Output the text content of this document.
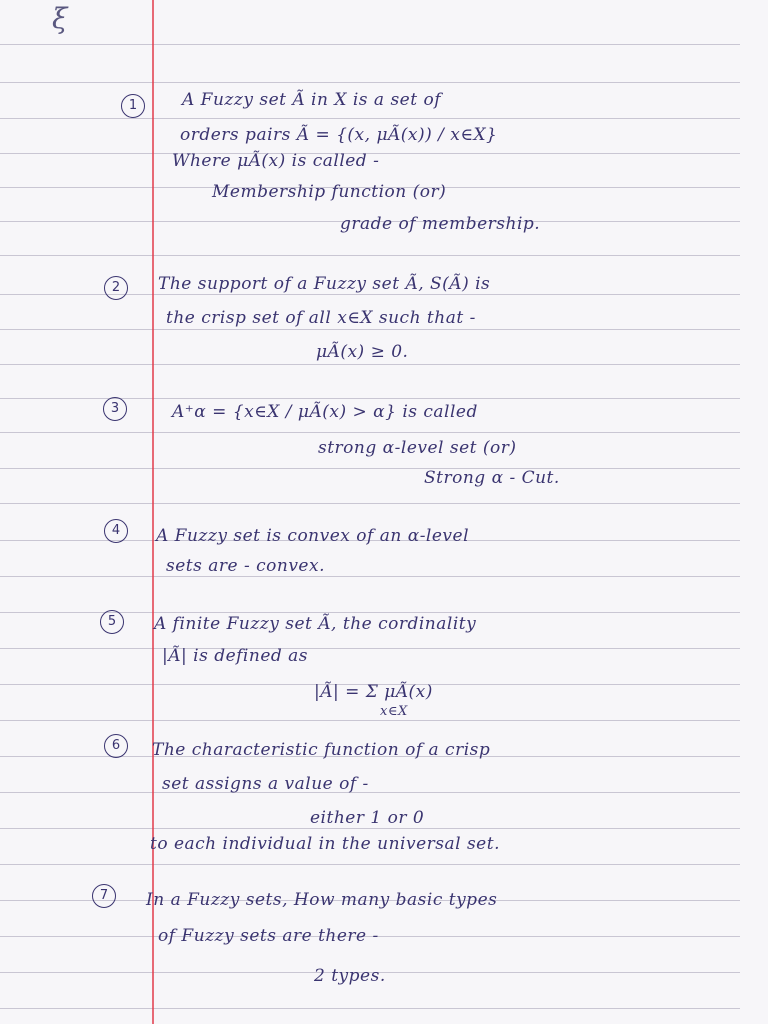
ξ
1	A Fuzzy set Ã in X is a set of
orders pairs Ã = {(x, μÃ(x)) / x∈X}
Where μÃ(x) is called -
Membership function (or)
grade of membership.
2	The support of a Fuzzy set Ã, S(Ã) is
the crisp set of all x∈X such that -
μÃ(x) ≥ 0.
3	A⁺α = {x∈X / μÃ(x) > α} is called
strong α-level set (or)
Strong α - Cut.
4	A Fuzzy set is convex of an α-level
sets are - convex.
5	A finite Fuzzy set Ã, the cordinality
|Ã| is defined as
|Ã| = Σ μÃ(x)
x∈X
6	The characteristic function of a crisp
set assigns a value of -
either 1 or 0
to each individual in the universal set.
7	In a Fuzzy sets, How many basic types
of Fuzzy sets are there -
2 types.
